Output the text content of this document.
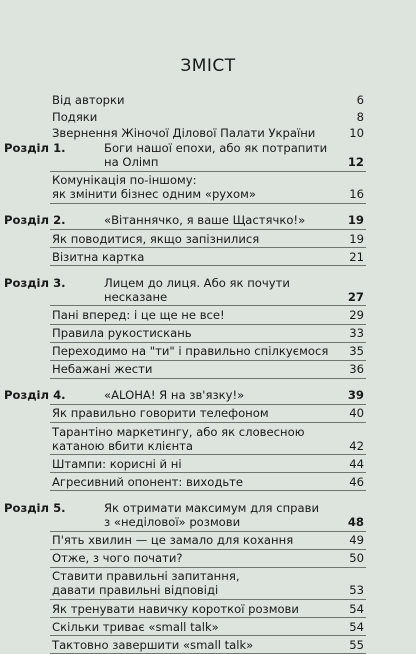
ЗМІСТ
Від авторки	6
Подяки	8
Звернення Жіночої Ділової Палати України	10
Розділ 1.	Боги нашої епохи, або як потрапити
на Олімп	12
Комунікація по-іншому:
як змінити бізнес одним «рухом»	16
Розділ 2.	«Вітаннячко, я ваше Щастячко!»	19
Як поводитися, якщо запізнилися	19
Візитна картка	21
Розділ 3.	Лицем до лиця. Або як почути
несказане	27
Пані вперед: і це ще не все!	29
Правила рукостискань	33
Переходимо на "ти" і правильно спілкуємося	35
Небажані жести	36
Розділ 4.	«ALOHA! Я на зв'язку!»	39
Як правильно говорити телефоном	40
Тарантіно маркетингу, або як словесною
катаною вбити клієнта	42
Штампи: корисні й ні	44
Агресивний опонент: виходьте	46
Розділ 5.	Як отримати максимум для справи
з «неділової» розмови	48
П'ять хвилин — це замало для кохання	49
Отже, з чого почати?	50
Ставити правильні запитання,
давати правильні відповіді	53
Як тренувати навичку короткої розмови	54
Скільки триває «small talk»	54
Тактовно завершити «small talk»	55
